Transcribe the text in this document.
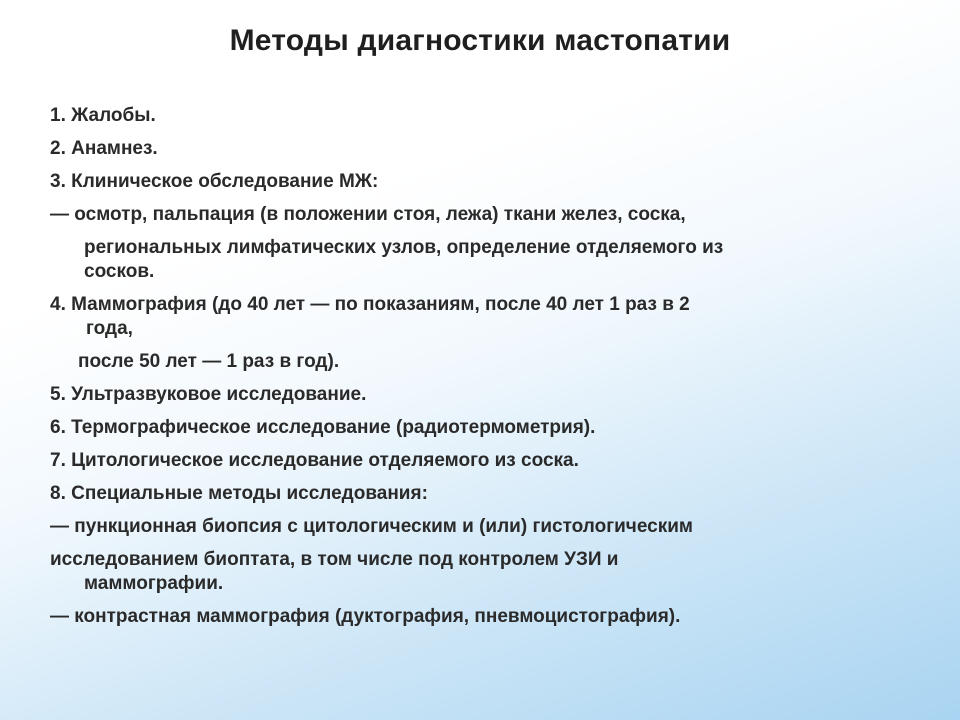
Методы диагностики мастопатии
1. Жалобы.
2. Анамнез.
3. Клиническое обследование МЖ:
— осмотр, пальпация (в положении стоя, лежа) ткани желез, соска,
региональных лимфатических узлов, определение отделяемого из
сосков.
4. Маммография (до 40 лет — по показаниям, после 40 лет 1 раз в 2
года,
после 50 лет — 1 раз в год).
5. Ультразвуковое исследование.
6. Термографическое исследование (радиотермометрия).
7. Цитологическое исследование отделяемого из соска.
8. Специальные методы исследования:
— пункционная биопсия с цитологическим и (или) гистологическим
исследованием биоптата, в том числе под контролем УЗИ и
маммографии.
— контрастная маммография (дуктография, пневмоцистография).
